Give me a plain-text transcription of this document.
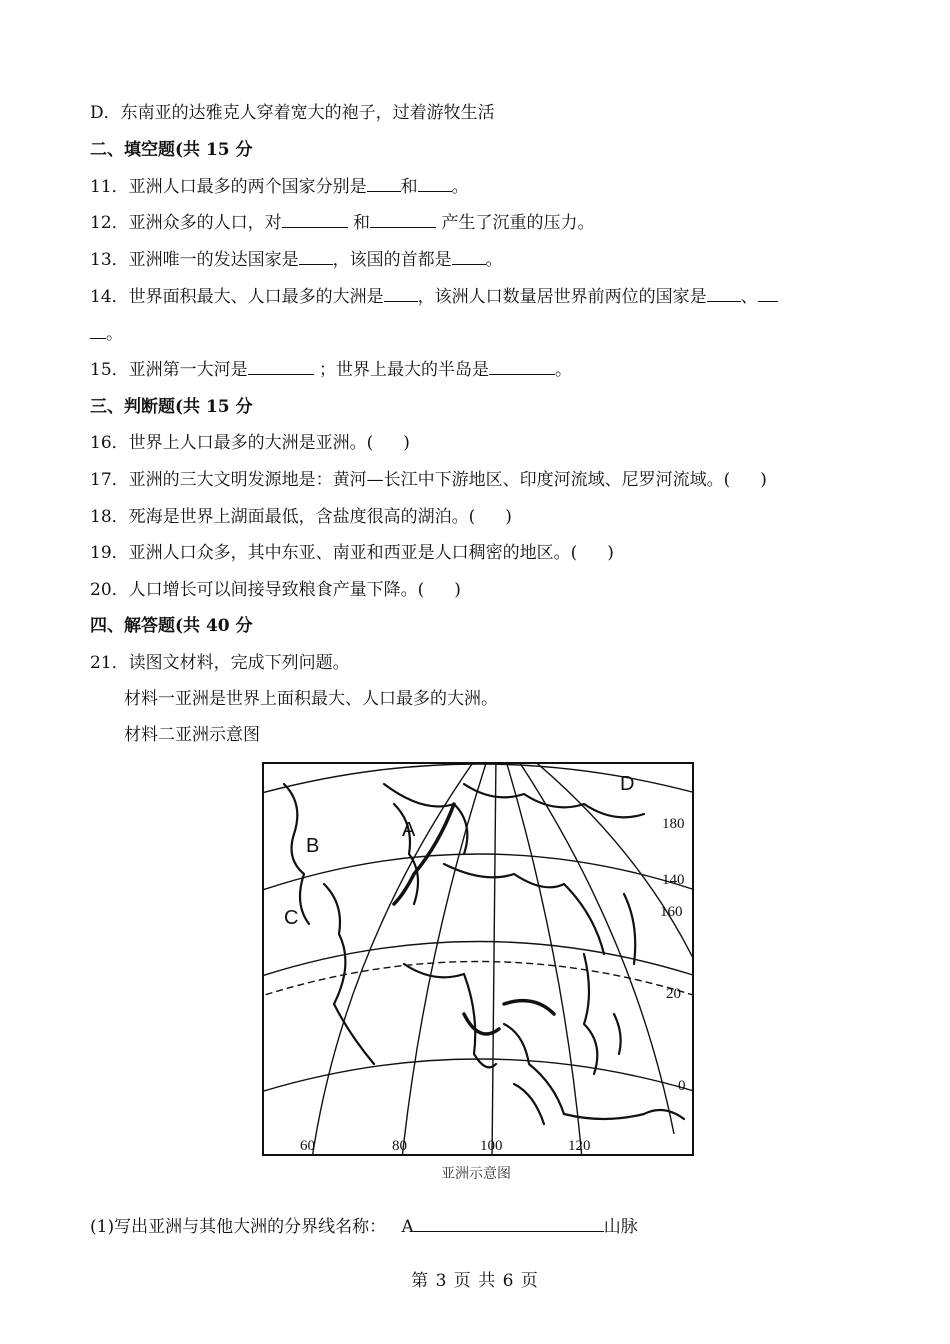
D．东南亚的达雅克人穿着宽大的袍子，过着游牧生活
二、填空题(共 15 分
11．亚洲人口最多的两个国家分别是 和 。
12．亚洲众多的人口，对	和	产生了沉重的压力。
13．亚洲唯一的发达国家是 ，该国的首都是 。
14．世界面积最大、人口最多的大洲是 ，该洲人口数量居世界前两位的国家是 、
。
15．亚洲第一大河是	；世界上最大的半岛是	。
三、判断题(共 15 分
16．世界上人口最多的大洲是亚洲。( )
17．亚洲的三大文明发源地是：黄河—长江中下游地区、印度河流域、尼罗河流域。( )
18．死海是世界上湖面最低，含盐度很高的湖泊。( )
19．亚洲人口众多，其中东亚、南亚和西亚是人口稠密的地区。( )
20．人口增长可以间接导致粮食产量下降。( )
四、解答题(共 40 分
21．读图文材料，完成下列问题。
材料一亚洲是世界上面积最大、人口最多的大洲。
材料二亚洲示意图
A
B
C
D
60	80	100	120
140
160
180
20
0
亚洲示意图
(1)写出亚洲与其他大洲的分界线名称： A	山脉
第 3 页 共 6 页
